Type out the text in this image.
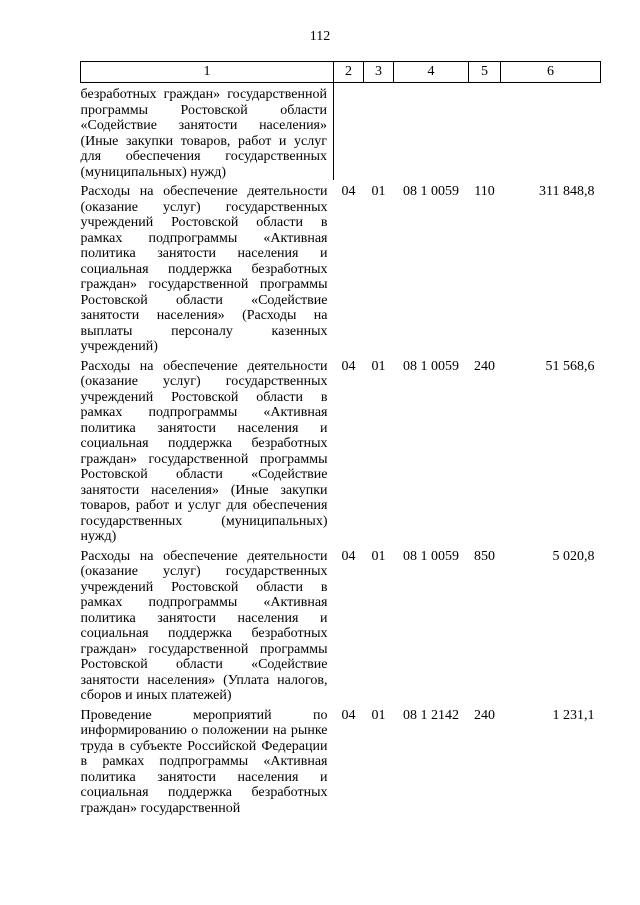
112
1	2	3	4	5	6
безработных граждан» государственной программы Ростовской области «Содействие занятости населения» (Иные закупки товаров, работ и услуг для обеспечения государственных (муниципальных) нужд)					
Расходы на обеспечение деятельности (оказание услуг) государственных учреждений Ростовской области в рамках подпрограммы «Активная политика занятости населения и социальная поддержка безработных граждан» государственной программы Ростовской области «Содействие занятости населения» (Расходы на выплаты персоналу казенных учреждений)	04	01	08 1 0059	110	311 848,8
Расходы на обеспечение деятельности (оказание услуг) государственных учреждений Ростовской области в рамках подпрограммы «Активная политика занятости населения и социальная поддержка безработных граждан» государственной программы Ростовской области «Содействие занятости населения» (Иные закупки товаров, работ и услуг для обеспечения государственных (муниципальных) нужд)	04	01	08 1 0059	240	51 568,6
Расходы на обеспечение деятельности (оказание услуг) государственных учреждений Ростовской области в рамках подпрограммы «Активная политика занятости населения и социальная поддержка безработных граждан» государственной программы Ростовской области «Содействие занятости населения» (Уплата налогов, сборов и иных платежей)	04	01	08 1 0059	850	5 020,8
Проведение мероприятий по информированию о положении на рынке труда в субъекте Российской Федерации в рамках подпрограммы «Активная политика занятости населения и социальная поддержка безработных граждан» государственной	04	01	08 1 2142	240	1 231,1
